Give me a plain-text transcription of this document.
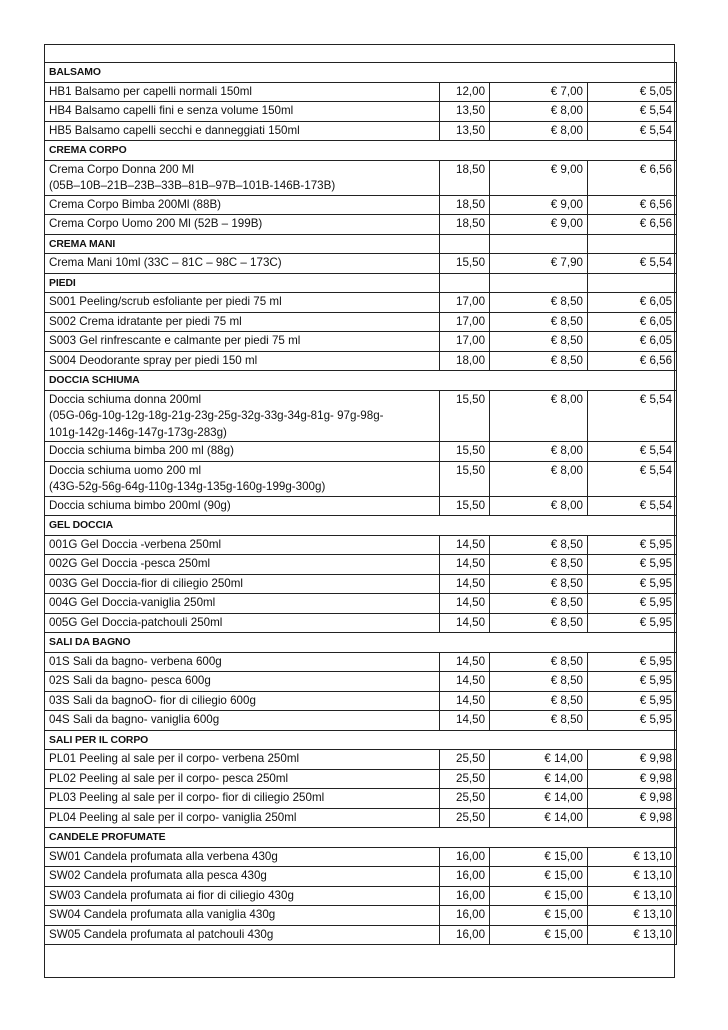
BALSAMO			

HB1 Balsamo per capelli normali 150ml	12,00	€ 7,00	€ 5,05

HB4 Balsamo capelli fini e senza volume 150ml	13,50	€ 8,00	€ 5,54

HB5 Balsamo capelli secchi e danneggiati 150ml	13,50	€ 8,00	€ 5,54
CREMA CORPO			

Crema Corpo Donna 200 Ml
(05B–10B–21B–23B–33B–81B–97B–101B-146B-173B)	18,50	€ 9,00	€ 6,56

Crema Corpo Bimba 200Ml (88B)	18,50	€ 9,00	€ 6,56

Crema Corpo Uomo 200 Ml (52B – 199B)	18,50	€ 9,00	€ 6,56
CREMA MANI			

Crema Mani 10ml (33C – 81C – 98C – 173C)	15,50	€ 7,90	€ 5,54
PIEDI			

S001 Peeling/scrub esfoliante per piedi 75 ml	17,00	€ 8,50	€ 6,05

S002 Crema idratante per piedi 75 ml	17,00	€ 8,50	€ 6,05

S003 Gel rinfrescante e calmante per piedi 75 ml	17,00	€ 8,50	€ 6,05

S004 Deodorante spray per piedi 150 ml	18,00	€ 8,50	€ 6,56
DOCCIA SCHIUMA			

Doccia schiuma donna 200ml
(05G-06g-10g-12g-18g-21g-23g-25g-32g-33g-34g-81g- 97g-98g-
101g-142g-146g-147g-173g-283g)	15,50	€ 8,00	€ 5,54

Doccia schiuma bimba 200 ml (88g)	15,50	€ 8,00	€ 5,54

Doccia schiuma uomo 200 ml
(43G-52g-56g-64g-110g-134g-135g-160g-199g-300g)	15,50	€ 8,00	€ 5,54

Doccia schiuma bimbo 200ml (90g)	15,50	€ 8,00	€ 5,54
GEL DOCCIA			

001G Gel Doccia -verbena 250ml	14,50	€ 8,50	€ 5,95

002G Gel Doccia -pesca 250ml	14,50	€ 8,50	€ 5,95

003G Gel Doccia-fior di ciliegio 250ml	14,50	€ 8,50	€ 5,95

004G Gel Doccia-vaniglia 250ml	14,50	€ 8,50	€ 5,95

005G Gel Doccia-patchouli 250ml	14,50	€ 8,50	€ 5,95
SALI DA BAGNO			

01S Sali da bagno- verbena 600g	14,50	€ 8,50	€ 5,95

02S Sali da bagno- pesca 600g	14,50	€ 8,50	€ 5,95

03S Sali da bagnoO- fior di ciliegio 600g	14,50	€ 8,50	€ 5,95

04S Sali da bagno- vaniglia 600g	14,50	€ 8,50	€ 5,95
SALI PER IL CORPO			

PL01 Peeling al sale per il corpo- verbena 250ml	25,50	€ 14,00	€ 9,98

PL02 Peeling al sale per il corpo- pesca 250ml	25,50	€ 14,00	€ 9,98

PL03 Peeling al sale per il corpo- fior di ciliegio 250ml	25,50	€ 14,00	€ 9,98

PL04 Peeling al sale per il corpo- vaniglia 250ml	25,50	€ 14,00	€ 9,98
CANDELE PROFUMATE			

SW01 Candela profumata alla verbena 430g	16,00	€ 15,00	€ 13,10

SW02 Candela profumata alla pesca 430g	16,00	€ 15,00	€ 13,10

SW03 Candela profumata ai fior di ciliegio 430g	16,00	€ 15,00	€ 13,10

SW04 Candela profumata alla vaniglia 430g	16,00	€ 15,00	€ 13,10

SW05 Candela profumata al patchouli 430g	16,00	€ 15,00	€ 13,10
